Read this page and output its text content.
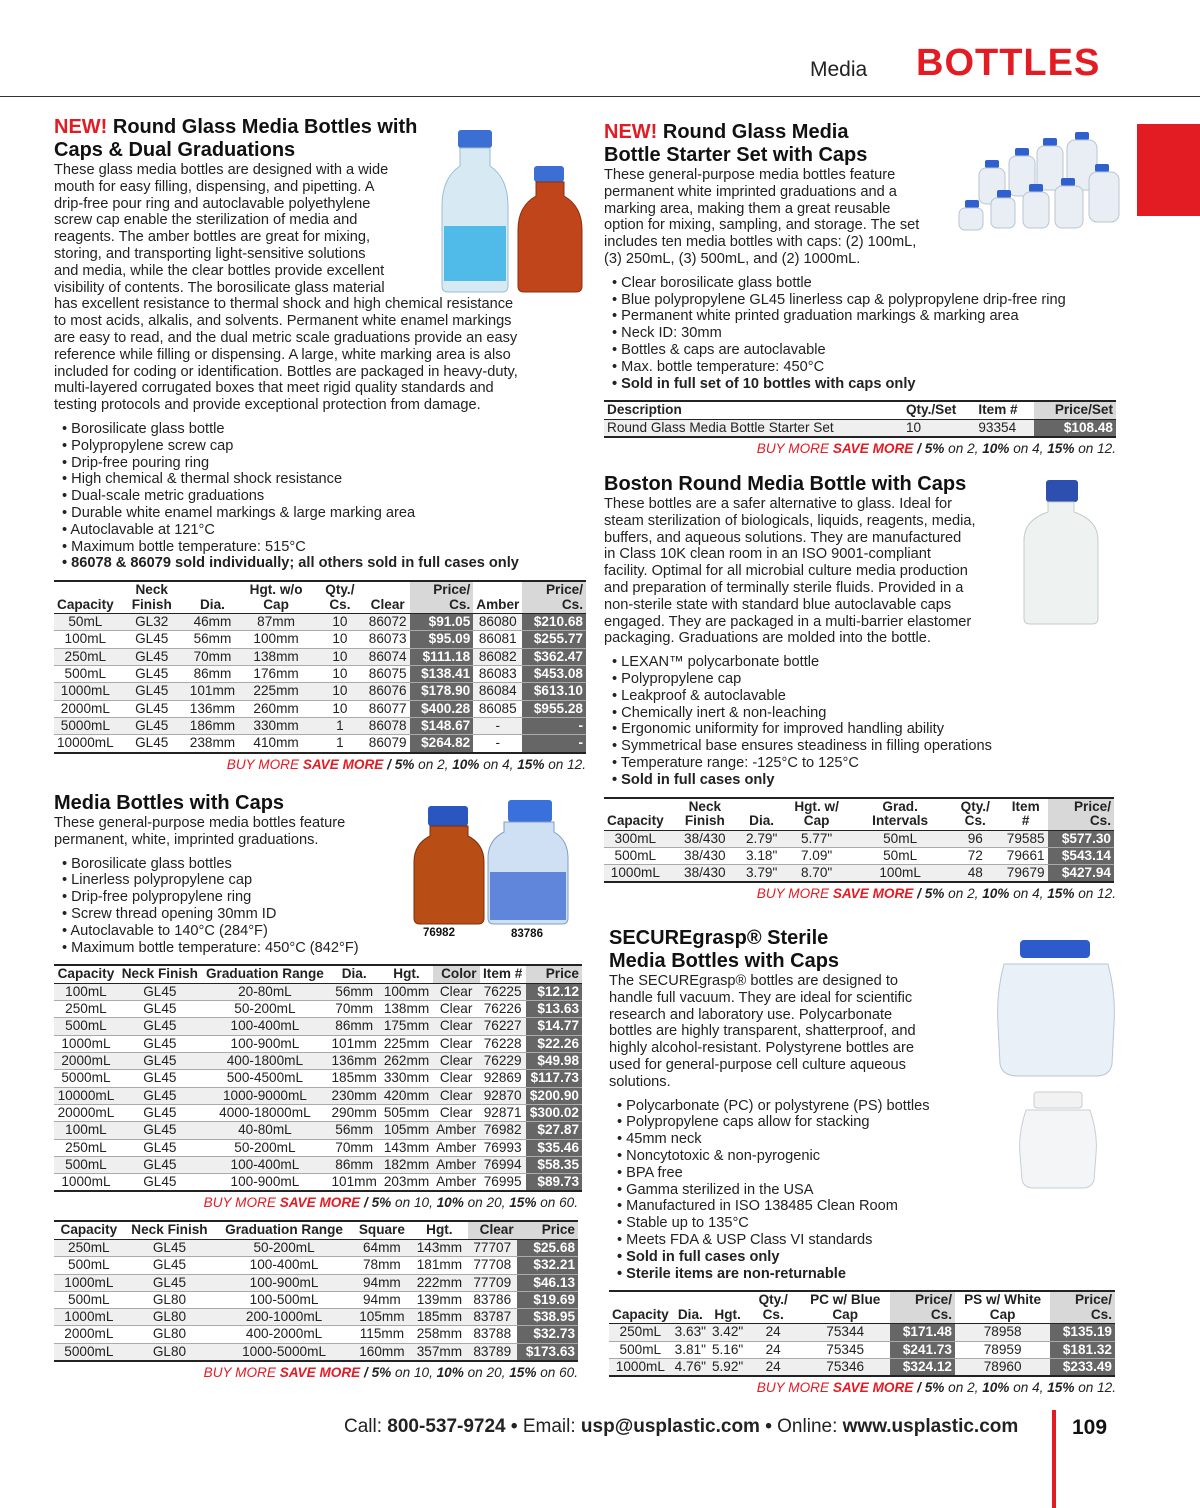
Media BOTTLES
NEW! Round Glass Media Bottles with Caps & Dual Graduations
These glass media bottles are designed with a wide
mouth for easy filling, dispensing, and pipetting. A
drip-free pour ring and autoclavable polyethylene
screw cap enable the sterilization of media and
reagents. The amber bottles are great for mixing,
storing, and transporting light-sensitive solutions
and media, while the clear bottles provide excellent
visibility of contents. The borosilicate glass material
has excellent resistance to thermal shock and high chemical resistance
to most acids, alkalis, and solvents. Permanent white enamel markings
are easy to read, and the dual metric scale graduations provide an easy
reference while filling or dispensing. A large, white marking area is also
included for coding or identification. Bottles are packaged in heavy-duty,
multi-layered corrugated boxes that meet rigid quality standards and
testing protocols and provide exceptional protection from damage.
• Borosilicate glass bottle
• Polypropylene screw cap
• Drip-free pouring ring
• High chemical & thermal shock resistance
• Dual-scale metric graduations
• Durable white enamel markings & large marking area
• Autoclavable at 121°C
• Maximum bottle temperature: 515°C
• 86078 & 86079 sold individually; all others sold in full cases only
Capacity	Neck Finish	Dia.	Hgt. w/o Cap	Qty./ Cs.	Clear	Price/ Cs.	Amber	Price/ Cs.
50mL	GL32	46mm	87mm	10	86072	$91.05	86080	$210.68
100mL	GL45	56mm	100mm	10	86073	$95.09	86081	$255.77
250mL	GL45	70mm	138mm	10	86074	$111.18	86082	$362.47
500mL	GL45	86mm	176mm	10	86075	$138.41	86083	$453.08
1000mL	GL45	101mm	225mm	10	86076	$178.90	86084	$613.10
2000mL	GL45	136mm	260mm	10	86077	$400.28	86085	$955.28
5000mL	GL45	186mm	330mm	1	86078	$148.67	-	-
10000mL	GL45	238mm	410mm	1	86079	$264.82	-	-
BUY MORE SAVE MORE / 5% on 2, 10% on 4, 15% on 12.
Media Bottles with Caps
These general-purpose media bottles feature
permanent, white, imprinted graduations.
• Borosilicate glass bottles
• Linerless polypropylene cap
• Drip-free polypropylene ring
• Screw thread opening 30mm ID
• Autoclavable to 140°C (284°F)
• Maximum bottle temperature: 450°C (842°F)
Capacity	Neck Finish	Graduation Range	Dia.	Hgt.	Color	Item #	Price
100mL	GL45	20-80mL	56mm	100mm	Clear	76225	$12.12
250mL	GL45	50-200mL	70mm	138mm	Clear	76226	$13.63
500mL	GL45	100-400mL	86mm	175mm	Clear	76227	$14.77
1000mL	GL45	100-900mL	101mm	225mm	Clear	76228	$22.26
2000mL	GL45	400-1800mL	136mm	262mm	Clear	76229	$49.98
5000mL	GL45	500-4500mL	185mm	330mm	Clear	92869	$117.73
10000mL	GL45	1000-9000mL	230mm	420mm	Clear	92870	$200.90
20000mL	GL45	4000-18000mL	290mm	505mm	Clear	92871	$300.02
100mL	GL45	40-80mL	56mm	105mm	Amber	76982	$27.87
250mL	GL45	50-200mL	70mm	143mm	Amber	76993	$35.46
500mL	GL45	100-400mL	86mm	182mm	Amber	76994	$58.35
1000mL	GL45	100-900mL	101mm	203mm	Amber	76995	$89.73
BUY MORE SAVE MORE / 5% on 10, 10% on 20, 15% on 60.
Capacity	Neck Finish	Graduation Range	Square	Hgt.	Clear	Price
250mL	GL45	50-200mL	64mm	143mm	77707	$25.68
500mL	GL45	100-400mL	78mm	181mm	77708	$32.21
1000mL	GL45	100-900mL	94mm	222mm	77709	$46.13
500mL	GL80	100-500mL	94mm	139mm	83786	$19.69
1000mL	GL80	200-1000mL	105mm	185mm	83787	$38.95
2000mL	GL80	400-2000mL	115mm	258mm	83788	$32.73
5000mL	GL80	1000-5000mL	160mm	357mm	83789	$173.63
BUY MORE SAVE MORE / 5% on 10, 10% on 20, 15% on 60.
76982	83786
NEW! Round Glass Media
Bottle Starter Set with Caps
These general-purpose media bottles feature
permanent white imprinted graduations and a
marking area, making them a great reusable
option for mixing, sampling, and storage. The set
includes ten media bottles with caps: (2) 100mL,
(3) 250mL, (3) 500mL, and (2) 1000mL.
• Clear borosilicate glass bottle
• Blue polypropylene GL45 linerless cap & polypropylene drip-free ring
• Permanent white printed graduation markings & marking area
• Neck ID: 30mm
• Bottles & caps are autoclavable
• Max. bottle temperature: 450°C
• Sold in full set of 10 bottles with caps only
Description	Qty./Set	Item #	Price/Set
Round Glass Media Bottle Starter Set	10	93354	$108.48
BUY MORE SAVE MORE / 5% on 2, 10% on 4, 15% on 12.
Boston Round Media Bottle with Caps
These bottles are a safer alternative to glass. Ideal for
steam sterilization of biologicals, liquids, reagents, media,
buffers, and aqueous solutions. They are manufactured
in Class 10K clean room in an ISO 9001-compliant
facility. Optimal for all microbial culture media production
and preparation of terminally sterile fluids. Provided in a
non-sterile state with standard blue autoclavable caps
engaged. They are packaged in a multi-barrier elastomer
packaging. Graduations are molded into the bottle.
• LEXAN™ polycarbonate bottle
• Polypropylene cap
• Leakproof & autoclavable
• Chemically inert & non-leaching
• Ergonomic uniformity for improved handling ability
• Symmetrical base ensures steadiness in filling operations
• Temperature range: -125°C to 125°C
• Sold in full cases only
Capacity	Neck Finish	Dia.	Hgt. w/ Cap	Grad. Intervals	Qty./ Cs.	Item #	Price/ Cs.
300mL	38/430	2.79"	5.77"	50mL	96	79585	$577.30
500mL	38/430	3.18"	7.09"	50mL	72	79661	$543.14
1000mL	38/430	3.79"	8.70"	100mL	48	79679	$427.94
BUY MORE SAVE MORE / 5% on 2, 10% on 4, 15% on 12.
SECUREgrasp® Sterile
Media Bottles with Caps
The SECUREgrasp® bottles are designed to
handle full vacuum. They are ideal for scientific
research and laboratory use. Polycarbonate
bottles are highly transparent, shatterproof, and
highly alcohol-resistant. Polystyrene bottles are
used for general-purpose cell culture aqueous
solutions.
• Polycarbonate (PC) or polystyrene (PS) bottles
• Polypropylene caps allow for stacking
• 45mm neck
• Noncytotoxic & non-pyrogenic
• BPA free
• Gamma sterilized in the USA
• Manufactured in ISO 138485 Clean Room
• Stable up to 135°C
• Meets FDA & USP Class VI standards
• Sold in full cases only
• Sterile items are non-returnable
Capacity	Dia.	Hgt.	Qty./ Cs.	PC w/ Blue Cap	Price/ Cs.	PS w/ White Cap	Price/ Cs.
250mL	3.63"	3.42"	24	75344	$171.48	78958	$135.19
500mL	3.81"	5.16"	24	75345	$241.73	78959	$181.32
1000mL	4.76"	5.92"	24	75346	$324.12	78960	$233.49
BUY MORE SAVE MORE / 5% on 2, 10% on 4, 15% on 12.
Call: 800-537-9724 • Email: usp@usplastic.com • Online: www.usplastic.com	109
